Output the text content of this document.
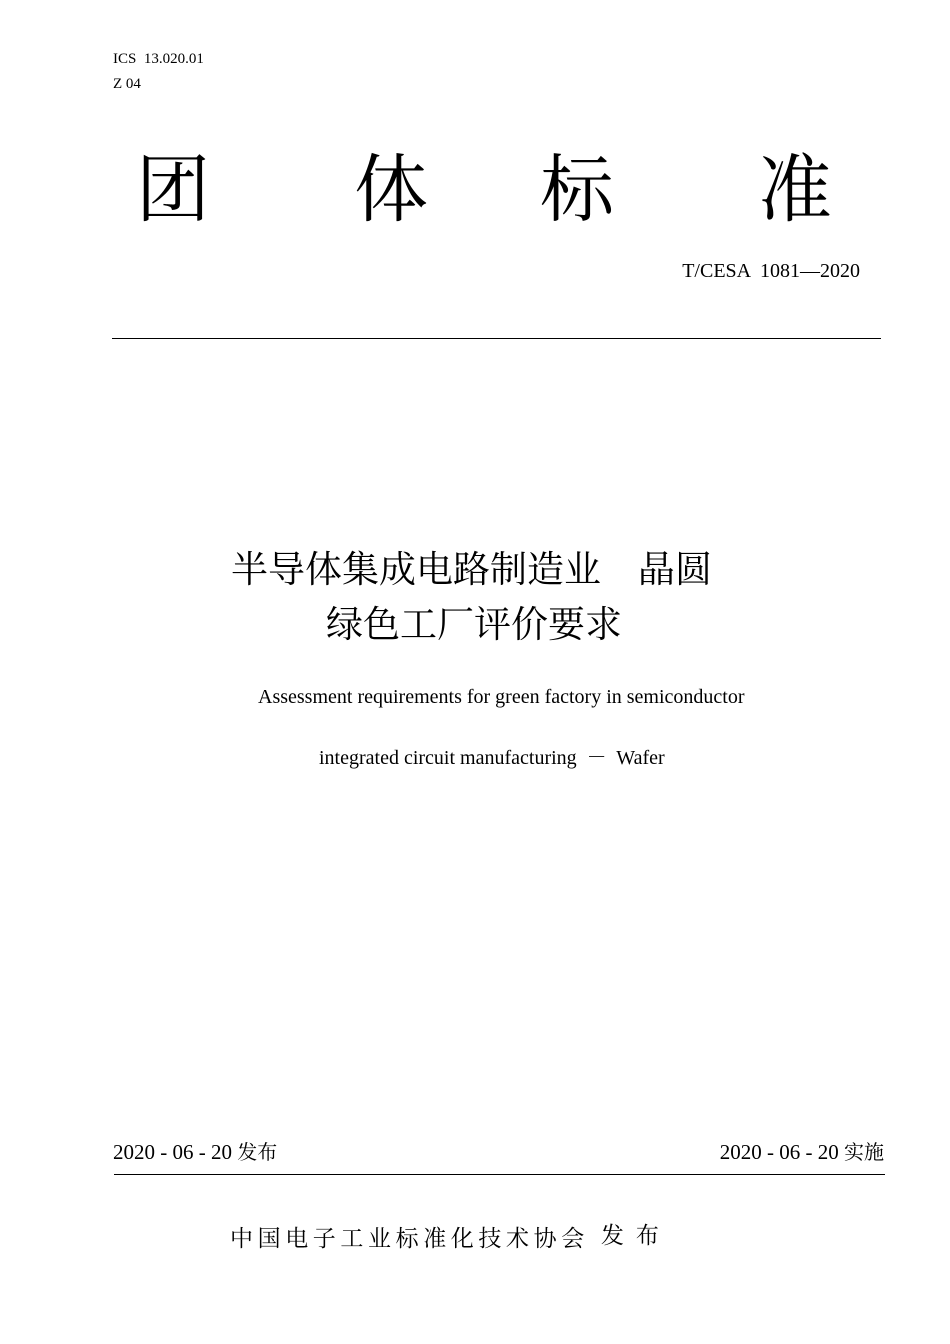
ICS  13.020.01
Z 04
团 体 标 准
T/CESA  1081—2020
半导体集成电路制造业　晶圆
绿色工厂评价要求
Assessment requirements for green factory in semiconductor
integrated circuit manufacturing  －  Wafer
2020 - 06 - 20 发布	2020 - 06 - 20 实施
中国电子工业标准化技术协会 发布
